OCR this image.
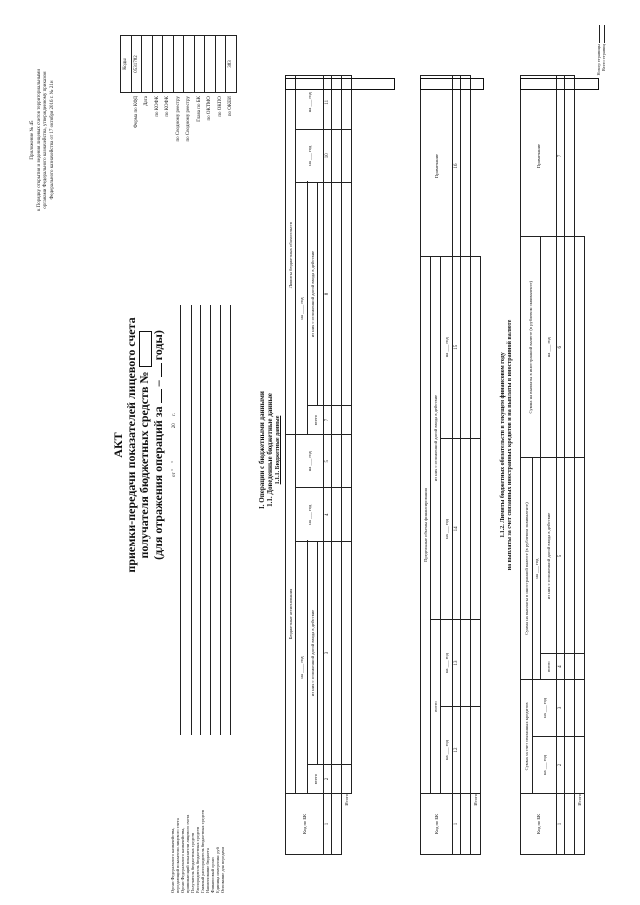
Приложение № 45 к Порядку открытия и ведения лицевых счетов территориальными органами Федерального казначейства, утвержденному приказом Федерального казначейства от 17 октября 2016 г. № 21н
АКТ приемки-передачи показателей лицевого счета получателя бюджетных средств № (для отражения операций за  –  годы)
от "     "                          20      г.
Орган Федерального казначейства, передающий показатели лицевого счета Орган Федерального казначейства, принимающий показатели лицевого счета Получатель бюджетных средств Распорядитель бюджетных средств Главный распорядитель бюджетных средств Наименование бюджета Финансовый орган Единица измерения: руб Основание для передачи
	Коды
Форма по КФД	0531782
Дата	
по КОФК	
по КОФК	
по Сводному реестру	
по Сводному реестру	
Глава по БК	
по ОКТМО	
по ОКПО	
по ОКЕИ	383
I. Операции с бюджетными данными 1.1. Доведенные бюджетные данные 1.1.1. Бюджетные данные
Код по БК	Бюджетные ассигнования				Лимиты бюджетных обязательств			
	на ____ год		на ___ год	на ___ год	на ____ год		на ___ год	на ___ год
	всего	из них с отложенной датой ввода в действие			всего	из них с отложенной датой ввода в действие		

1	2	3	4	5	7	8	10	11

Итого								
Код по БК	Предельные объемы финансирования				Примечание
	всего		из них с отложенной датой ввода в действие		
	на ___ год	на ___ год	на ___ год	на ___ год	
1	12	13	14	15	16

Итого					
1.1.2. Лимиты бюджетных обязательств в текущем финансовом году на выплаты за счет связанных иностранных кредитов и на выплаты в иностранной валюте
Код по БК	Сумма за счет связанных кредитов		Сумма на выплаты в иностранной валюте (в рублевом эквиваленте)		Сумма на выплаты в иностранной валюте (в рублевом эквиваленте)	Примечание
	на ___ год	на ___ год	на ___ год			
			всего	из них с отложенной датой ввода в действие	на ___ год	

1	2	3	4	5	6	7

Итого						
Номер страницы Всего страниц
